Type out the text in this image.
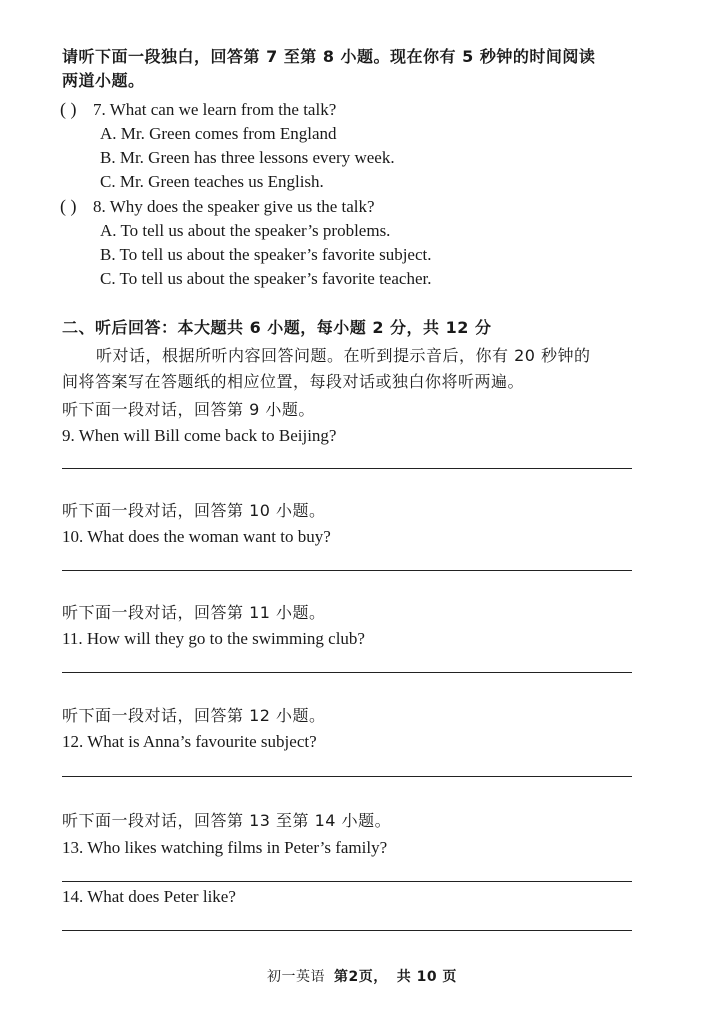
请听下面一段独白，回答第 7 至第 8 小题。现在你有 5 秒钟的时间阅读
两道小题。
( ) 7. What can we learn from the talk?
A. Mr. Green comes from England
B. Mr. Green has three lessons every week.
C. Mr. Green teaches us English.
( ) 8. Why does the speaker give us the talk?
A. To tell us about the speaker’s problems.
B. To tell us about the speaker’s favorite subject.
C. To tell us about the speaker’s favorite teacher.
二、听后回答：本大题共 6 小题，每小题 2 分，共 12 分
听对话，根据所听内容回答问题。在听到提示音后，你有 20 秒钟的
间将答案写在答题纸的相应位置，每段对话或独白你将听两遍。
听下面一段对话，回答第 9 小题。
9. When will Bill come back to Beijing?
听下面一段对话，回答第 10 小题。
10. What does the woman want to buy?
听下面一段对话，回答第 11 小题。
11. How will they go to the swimming club?
听下面一段对话，回答第 12 小题。
12. What is Anna’s favourite subject?
听下面一段对话，回答第 13 至第 14 小题。
13. Who likes watching films in Peter’s family?
14. What does Peter like?
初一英语 第2页， 共 10 页
